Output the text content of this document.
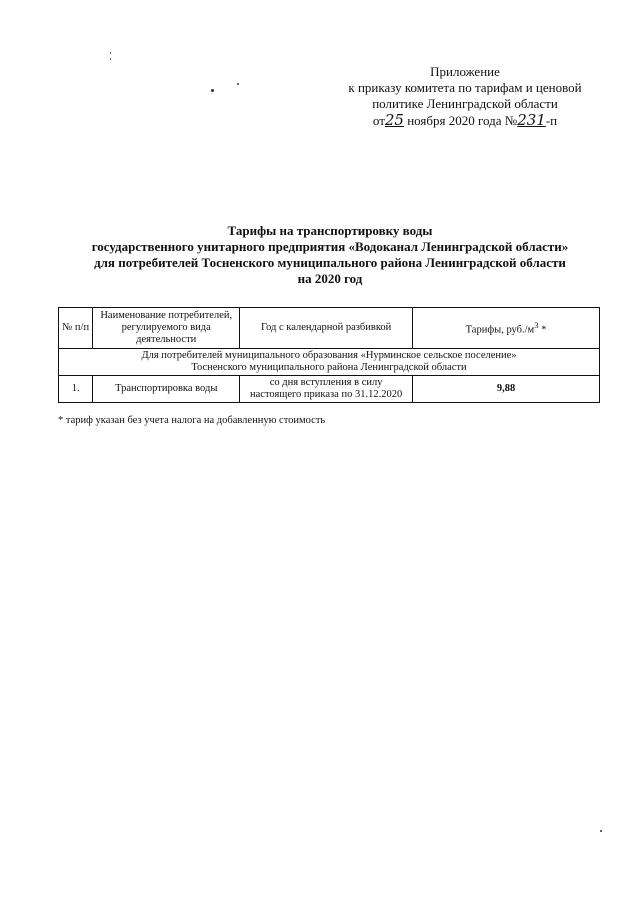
Приложение
к приказу комитета по тарифам и ценовой
политике Ленинградской области
от25 ноября 2020 года №231-п
Тарифы на транспортировку воды
государственного унитарного предприятия «Водоканал Ленинградской области»
для потребителей Тосненского муниципального района Ленинградской области
на 2020 год
№ п/п	Наименование потребителей, регулируемого вида деятельности	Год с календарной разбивкой	Тарифы, $руб./м^3$ *

Для потребителей муниципального образования «Нурминское сельское поселение»
Тосненского муниципального района Ленинградской области			

1.	Транспортировка воды	со дня вступления в силу настоящего приказа по 31.12.2020	9,88
* тариф указан без учета налога на добавленную стоимость
